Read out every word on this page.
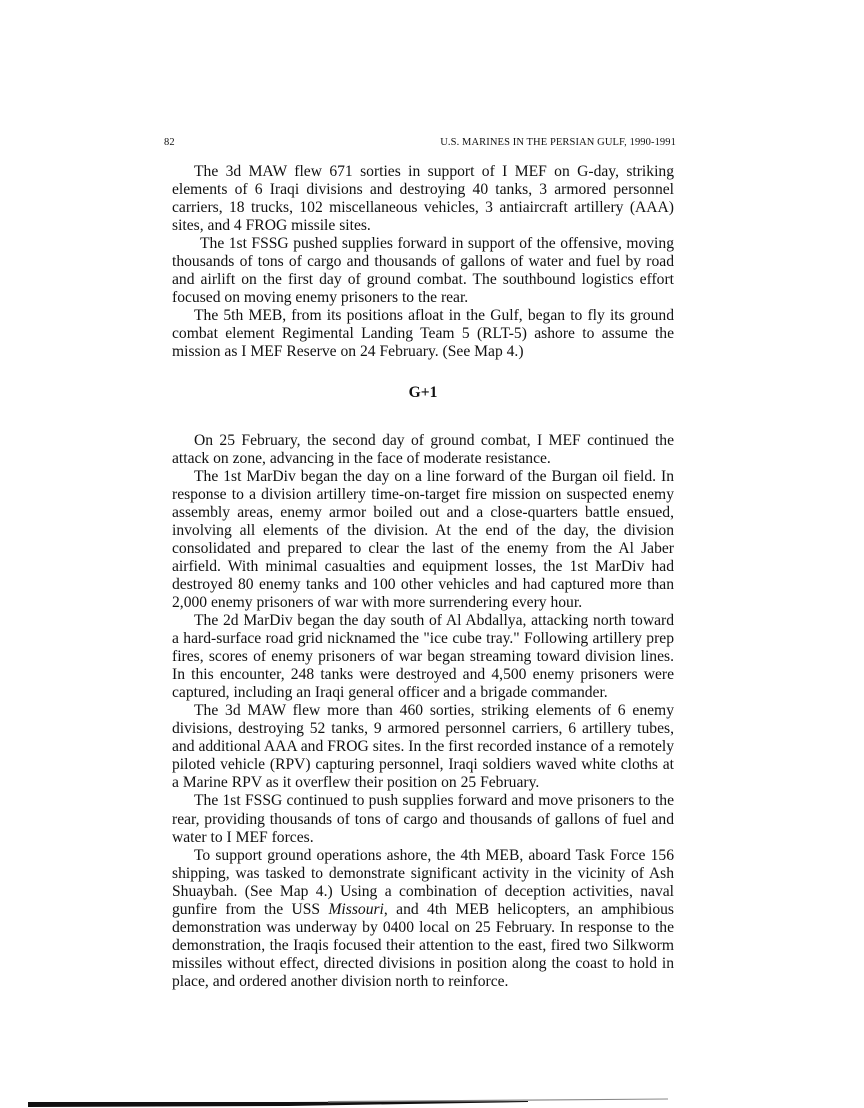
82	U.S. MARINES IN THE PERSIAN GULF, 1990-1991

The 3d MAW flew 671 sorties in support of I MEF on G-day, striking elements of 6 Iraqi divisions and destroying 40 tanks, 3 armored personnel carriers, 18 trucks, 102 miscellaneous vehicles, 3 antiaircraft artillery (AAA) sites, and 4 FROG missile sites.

The 1st FSSG pushed supplies forward in support of the offensive, moving thousands of tons of cargo and thousands of gallons of water and fuel by road and airlift on the first day of ground combat. The southbound logistics effort focused on moving enemy prisoners to the rear.

The 5th MEB, from its positions afloat in the Gulf, began to fly its ground combat element Regimental Landing Team 5 (RLT-5) ashore to assume the mission as I MEF Reserve on 24 February. (See Map 4.)

G+1

On 25 February, the second day of ground combat, I MEF continued the attack on zone, advancing in the face of moderate resistance.

The 1st MarDiv began the day on a line forward of the Burgan oil field. In response to a division artillery time-on-target fire mission on suspected enemy assembly areas, enemy armor boiled out and a close-quarters battle ensued, involving all elements of the division. At the end of the day, the division consolidated and prepared to clear the last of the enemy from the Al Jaber airfield. With minimal casualties and equipment losses, the 1st MarDiv had destroyed 80 enemy tanks and 100 other vehicles and had captured more than 2,000 enemy prisoners of war with more surrendering every hour.

The 2d MarDiv began the day south of Al Abdallya, attacking north toward a hard-surface road grid nicknamed the "ice cube tray." Following artillery prep fires, scores of enemy prisoners of war began streaming toward division lines. In this encounter, 248 tanks were destroyed and 4,500 enemy prisoners were captured, including an Iraqi general officer and a brigade commander.

The 3d MAW flew more than 460 sorties, striking elements of 6 enemy divisions, destroying 52 tanks, 9 armored personnel carriers, 6 artillery tubes, and additional AAA and FROG sites. In the first recorded instance of a remotely piloted vehicle (RPV) capturing personnel, Iraqi soldiers waved white cloths at a Marine RPV as it overflew their position on 25 February.

The 1st FSSG continued to push supplies forward and move prisoners to the rear, providing thousands of tons of cargo and thousands of gallons of fuel and water to I MEF forces.

To support ground operations ashore, the 4th MEB, aboard Task Force 156 shipping, was tasked to demonstrate significant activity in the vicinity of Ash Shuaybah. (See Map 4.) Using a combination of deception activities, naval gunfire from the USS Missouri, and 4th MEB helicopters, an amphibious demonstration was underway by 0400 local on 25 February. In response to the demonstration, the Iraqis focused their attention to the east, fired two Silkworm missiles without effect, directed divisions in position along the coast to hold in place, and ordered another division north to reinforce.
